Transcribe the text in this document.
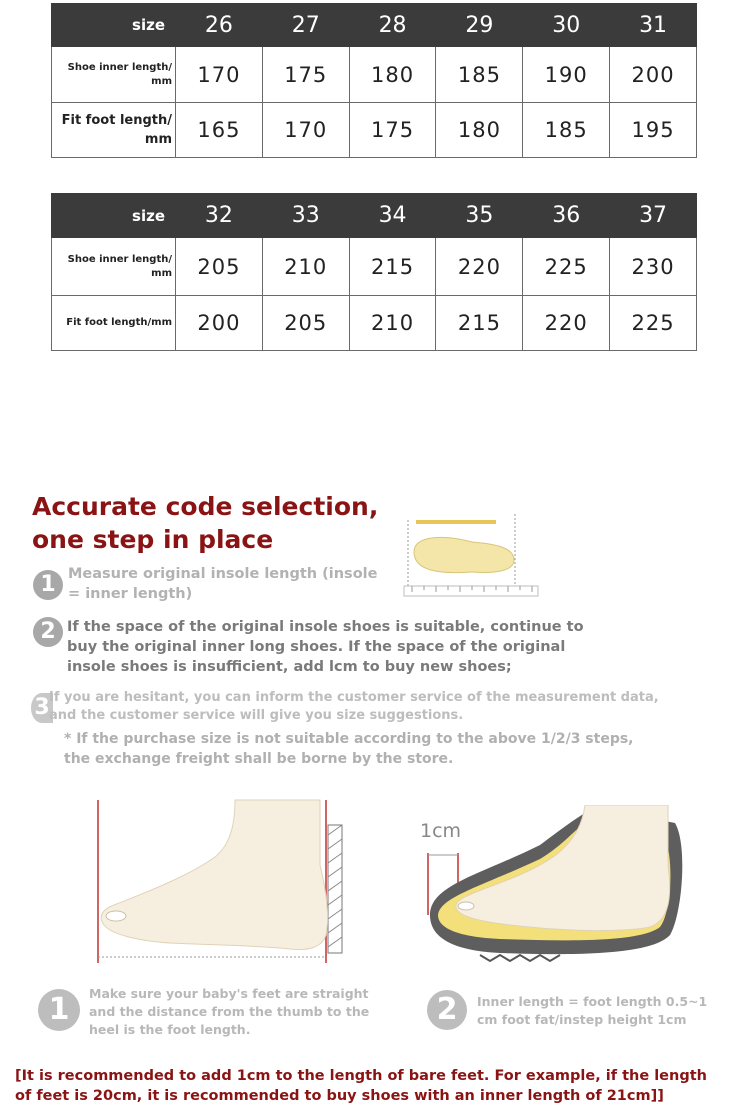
size	26	27	28	29	30	31
Shoe inner length/
mm	170	175	180	185	190	200
Fit foot length/
mm	165	170	175	180	185	195
size	32	33	34	35	36	37
Shoe inner length/
mm	205	210	215	220	225	230
Fit foot length/mm	200	205	210	215	220	225
Accurate code selection,
one step in place
1 Measure original insole length (insole
= inner length)
2 If the space of the original insole shoes is suitable, continue to
buy the original inner long shoes. If the space of the original
insole shoes is insufficient, add lcm to buy new shoes;
3 If you are hesitant, you can inform the customer service of the measurement data,
and the customer service will give you size suggestions.
* If the purchase size is not suitable according to the above 1/2/3 steps,
the exchange freight shall be borne by the store.
1cm
1	Make sure your baby's feet are straight
and the distance from the thumb to the
heel is the foot length.
2	Inner length = foot length 0.5~1
cm foot fat/instep height 1cm
[It is recommended to add 1cm to the length of bare feet. For example, if the length
of feet is 20cm, it is recommended to buy shoes with an inner length of 21cm]]
